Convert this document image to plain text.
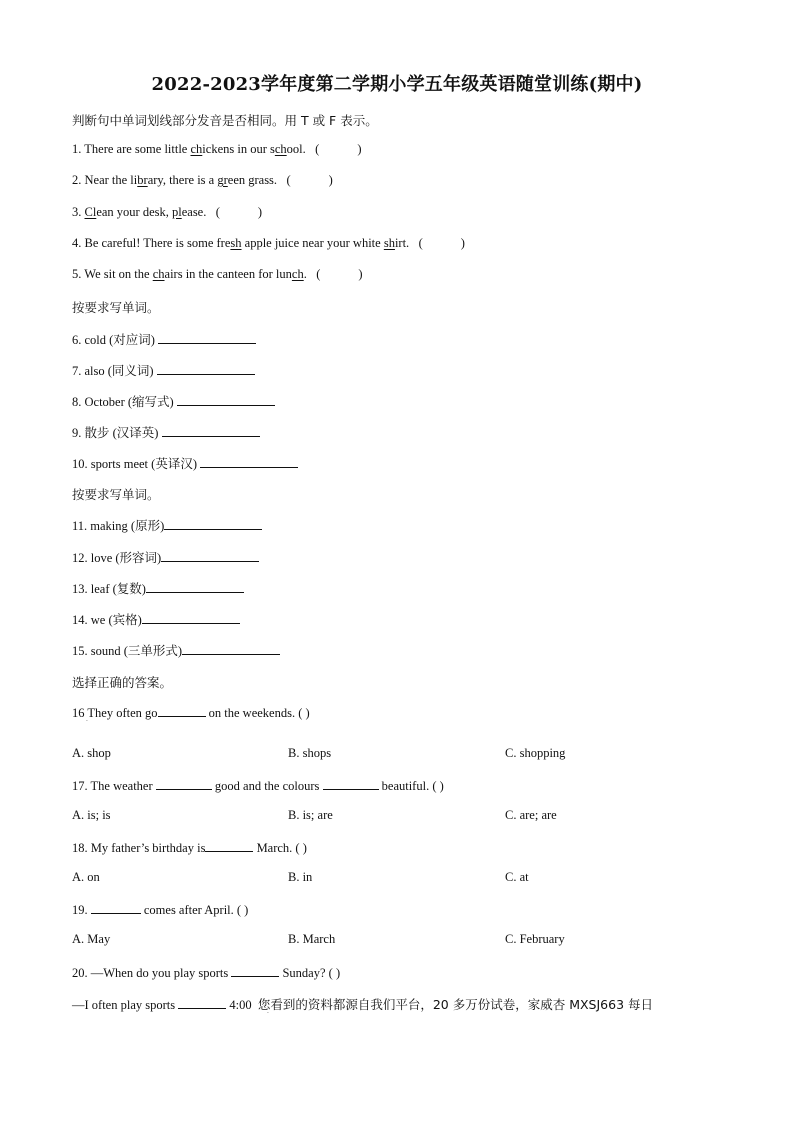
2022-2023学年度第二学期小学五年级英语随堂训练(期中)
判断句中单词划线部分发音是否相同。用 T 或 F 表示。
1. There are some little chickens in our school. (	)
2. Near the library, there is a green grass. (	)
3. Clean your desk, please. (	)
4. Be careful! There is some fresh apple juice near your white shirt. (	)
5. We sit on the chairs in the canteen for lunch. (	)
按要求写单词。
6. cold (对应词)
7. also (同义词)
8. October (缩写式)
9. 散步 (汉译英)
10. sports meet (英译汉)
按要求写单词。
11. making (原形)
12. love (形容词)
13. leaf (复数)
14. we (宾格)
15. sound (三单形式)
选择正确的答案。
16 They often go	on the weekends. ( )
·
A. shop	B. shops	C. shopping
17. The weather	good and the colours	beautiful. ( )
A. is; is	B. is; are	C. are; are
18. My father’s birthday is	March. ( )
A. on	B. in	C. at
19.	comes after April. ( )
A. May	B. March	C. February
20. —When do you play sports	Sunday? ( )
—I often play sports	4:00 您看到的资料都源自我们平台，20 多万份试卷，家威杏 MXSJ663 每日
·
